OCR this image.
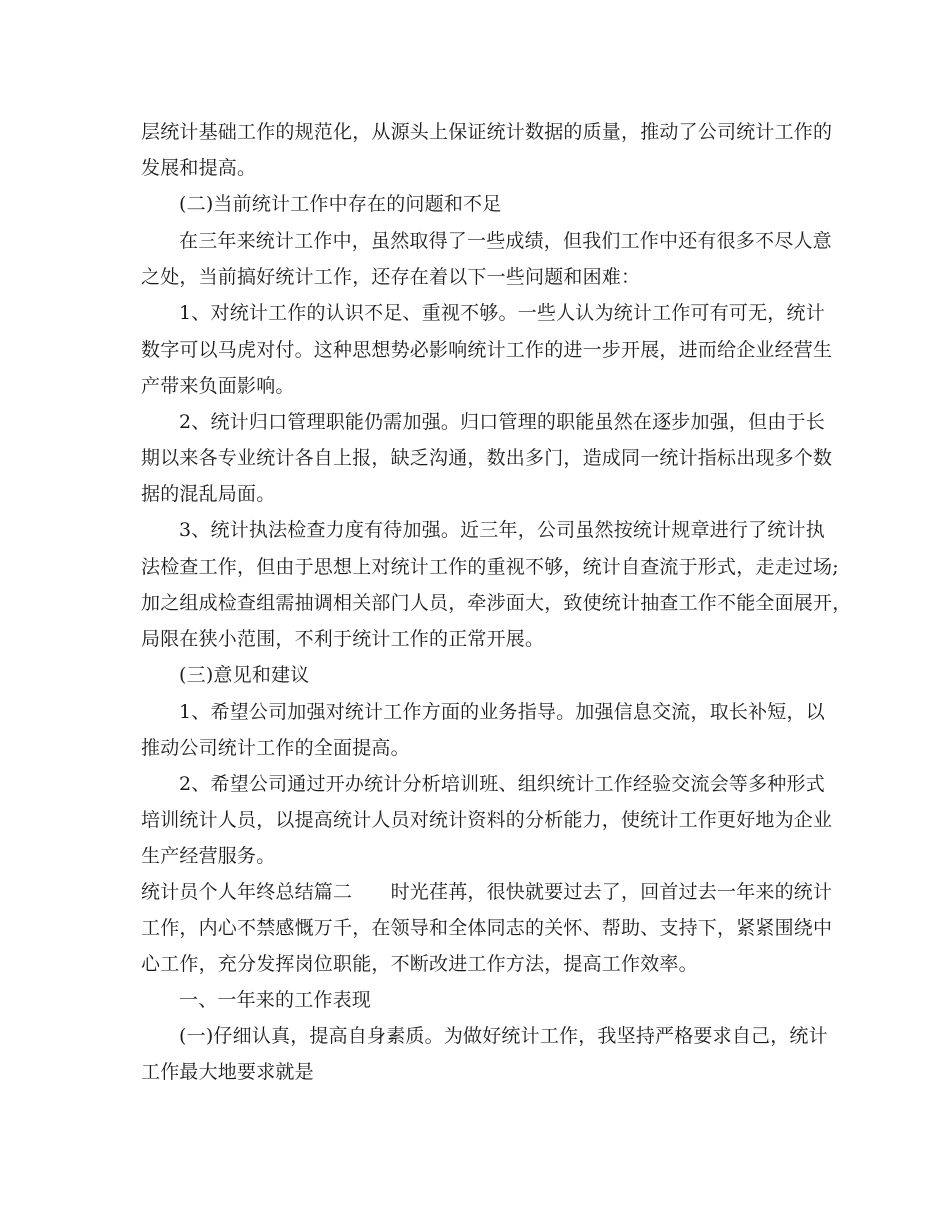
层统计基础工作的规范化，从源头上保证统计数据的质量，推动了公司统计工作的
发展和提高。
(二)当前统计工作中存在的问题和不足
在三年来统计工作中，虽然取得了一些成绩，但我们工作中还有很多不尽人意
之处，当前搞好统计工作，还存在着以下一些问题和困难：
1、对统计工作的认识不足、重视不够。一些人认为统计工作可有可无，统计
数字可以马虎对付。这种思想势必影响统计工作的进一步开展，进而给企业经营生
产带来负面影响。
2、统计归口管理职能仍需加强。归口管理的职能虽然在逐步加强，但由于长
期以来各专业统计各自上报，缺乏沟通，数出多门，造成同一统计指标出现多个数
据的混乱局面。
3、统计执法检查力度有待加强。近三年，公司虽然按统计规章进行了统计执
法检查工作，但由于思想上对统计工作的重视不够，统计自查流于形式，走走过场;
加之组成检查组需抽调相关部门人员，牵涉面大，致使统计抽查工作不能全面展开，
局限在狭小范围，不利于统计工作的正常开展。
(三)意见和建议
1、希望公司加强对统计工作方面的业务指导。加强信息交流，取长补短，以
推动公司统计工作的全面提高。
2、希望公司通过开办统计分析培训班、组织统计工作经验交流会等多种形式
培训统计人员，以提高统计人员对统计资料的分析能力，使统计工作更好地为企业
生产经营服务。
统计员个人年终总结篇二　　时光荏苒，很快就要过去了，回首过去一年来的统计
工作，内心不禁感慨万千，在领导和全体同志的关怀、帮助、支持下，紧紧围绕中
心工作，充分发挥岗位职能，不断改进工作方法，提高工作效率。
一、一年来的工作表现
(一)仔细认真，提高自身素质。为做好统计工作，我坚持严格要求自己，统计
工作最大地要求就是
